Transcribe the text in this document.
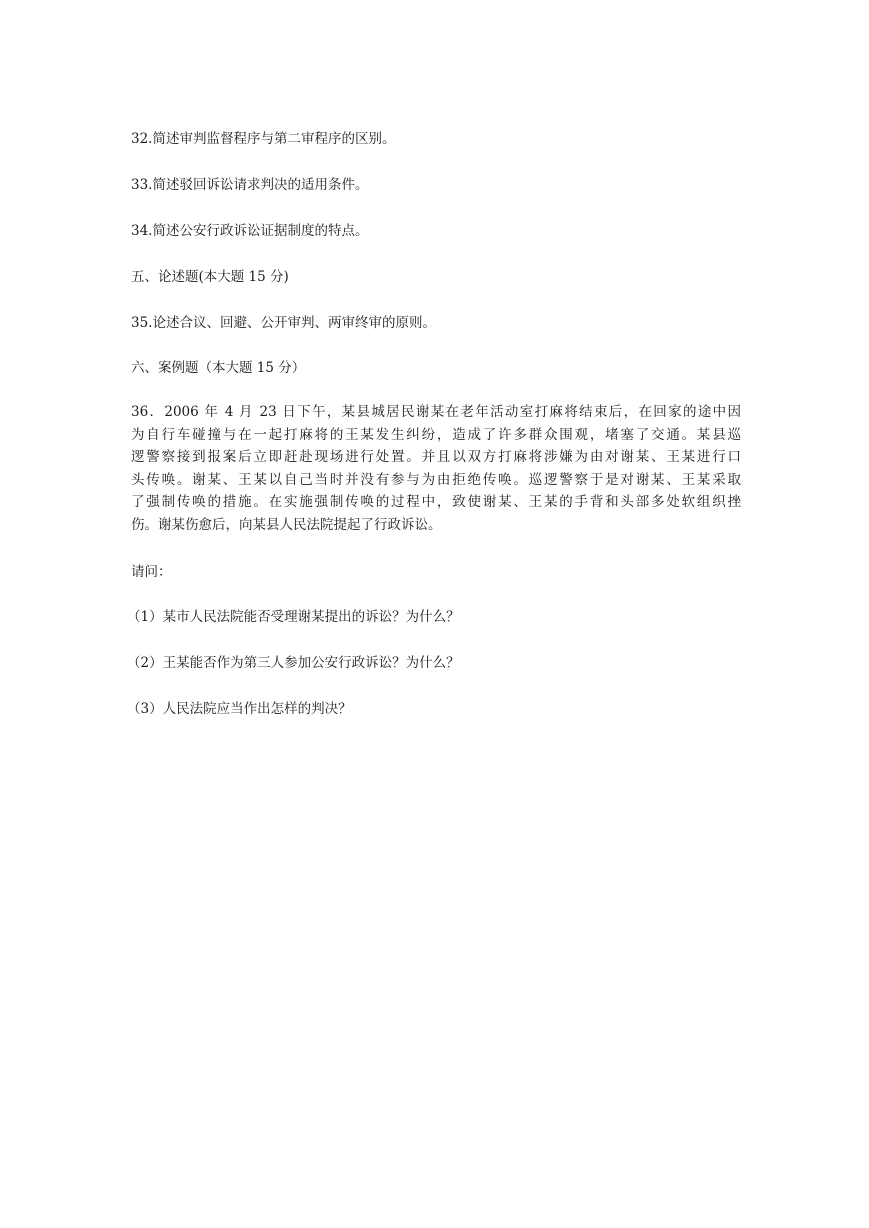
32.简述审判监督程序与第二审程序的区别。

33.简述驳回诉讼请求判决的适用条件。

34.简述公安行政诉讼证据制度的特点。

五、论述题(本大题 15 分)

35.论述合议、回避、公开审判、两审终审的原则。

六、案例题（本大题 15 分）

36．2006 年 4 月 23 日下午，某县城居民谢某在老年活动室打麻将结束后，在回家的途中因
为自行车碰撞与在一起打麻将的王某发生纠纷，造成了许多群众围观，堵塞了交通。某县巡
逻警察接到报案后立即赶赴现场进行处置。并且以双方打麻将涉嫌为由对谢某、王某进行口
头传唤。谢某、王某以自己当时并没有参与为由拒绝传唤。巡逻警察于是对谢某、王某采取
了强制传唤的措施。在实施强制传唤的过程中，致使谢某、王某的手背和头部多处软组织挫
伤。谢某伤愈后，向某县人民法院提起了行政诉讼。

请问：

（1）某市人民法院能否受理谢某提出的诉讼？为什么？

（2）王某能否作为第三人参加公安行政诉讼？为什么？

（3）人民法院应当作出怎样的判决？
